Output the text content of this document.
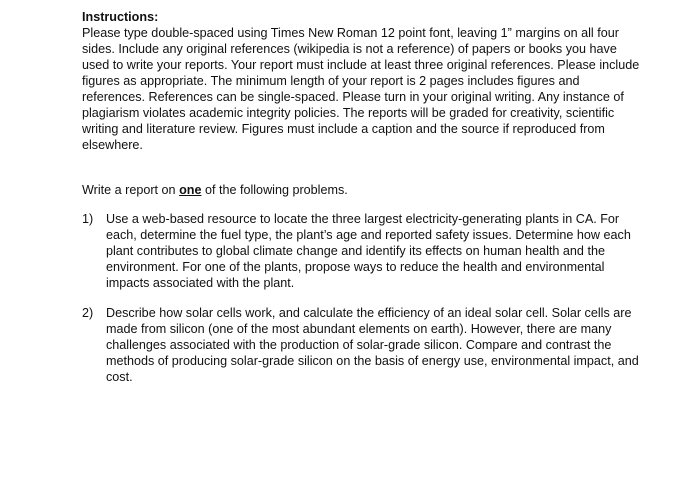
Instructions:

Please type double-spaced using Times New Roman 12 point font, leaving 1” margins on all four sides. Include any original references (wikipedia is not a reference) of papers or books you have used to write your reports. Your report must include at least three original references. Please include figures as appropriate. The minimum length of your report is 2 pages includes figures and references. References can be single-spaced. Please turn in your original writing. Any instance of plagiarism violates academic integrity policies. The reports will be graded for creativity, scientific writing and literature review. Figures must include a caption and the source if reproduced from elsewhere.

Write a report on one of the following problems.

1)	Use a web-based resource to locate the three largest electricity-generating plants in CA. For each, determine the fuel type, the plant’s age and reported safety issues. Determine how each plant contributes to global climate change and identify its effects on human health and the environment. For one of the plants, propose ways to reduce the health and environmental impacts associated with the plant.
2)	Describe how solar cells work, and calculate the efficiency of an ideal solar cell. Solar cells are made from silicon (one of the most abundant elements on earth). However, there are many challenges associated with the production of solar-grade silicon. Compare and contrast the methods of producing solar-grade silicon on the basis of energy use, environmental impact, and cost.
